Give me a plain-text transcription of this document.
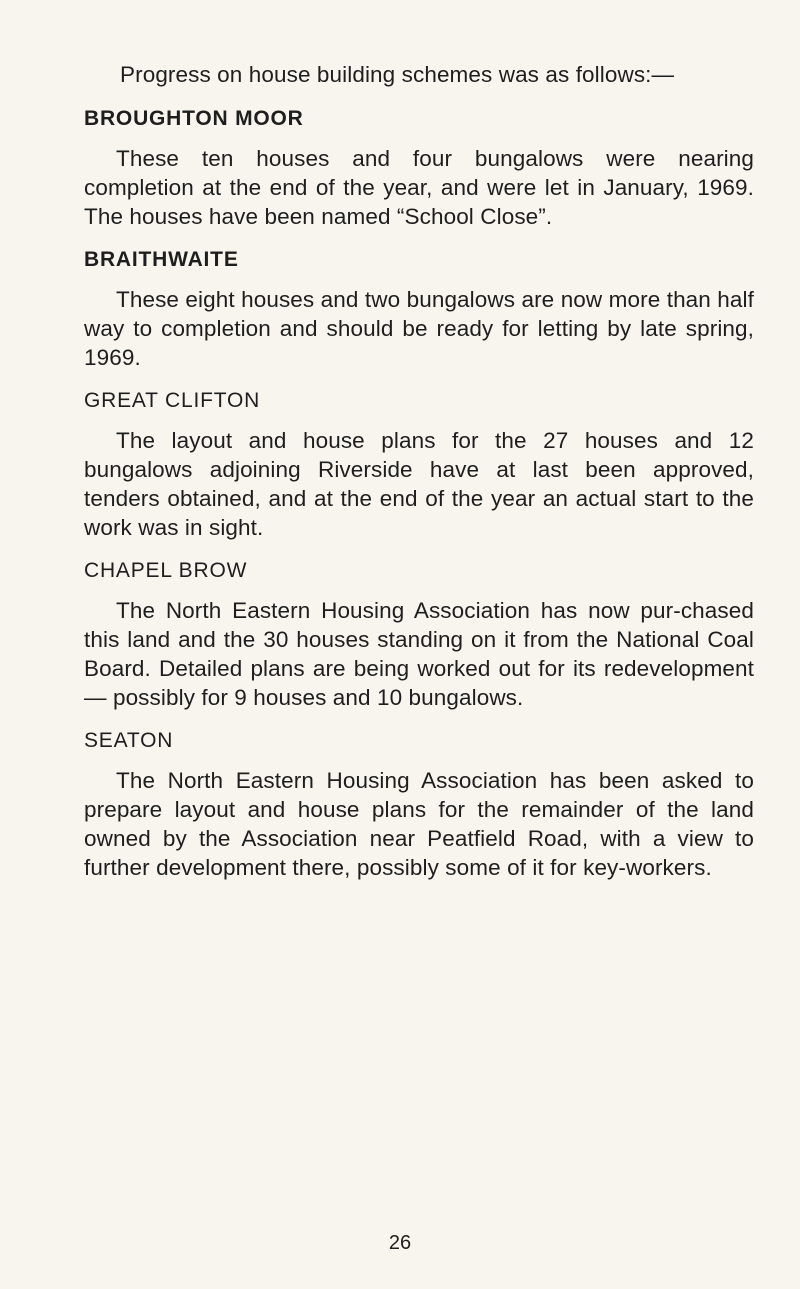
Progress on house building schemes was as follows:—

BROUGHTON MOOR

These ten houses and four bungalows were nearing completion at the end of the year, and were let in January, 1969. The houses have been named “School Close”.

BRAITHWAITE

These eight houses and two bungalows are now more than half way to completion and should be ready for letting by late spring, 1969.

GREAT CLIFTON

The layout and house plans for the 27 houses and 12 bungalows adjoining Riverside have at last been approved, tenders obtained, and at the end of the year an actual start to the work was in sight.

CHAPEL BROW

The North Eastern Housing Association has now pur-chased this land and the 30 houses standing on it from the National Coal Board. Detailed plans are being worked out for its redevelopment — possibly for 9 houses and 10 bungalows.

SEATON

The North Eastern Housing Association has been asked to prepare layout and house plans for the remainder of the land owned by the Association near Peatfield Road, with a view to further development there, possibly some of it for key-workers.

26
